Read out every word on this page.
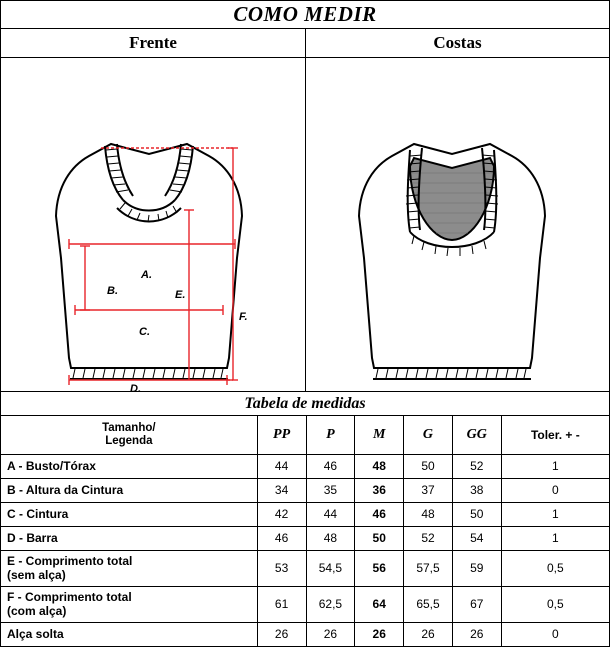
COMO MEDIR
Frente
A.
B.
C.
E.
F.
D.
Costas
Tabela de medidas
Tamanho/
Legenda	PP	P	M	G	GG	Toler. + -
A - Busto/Tórax	44	46	48	50	52	1
B - Altura da Cintura	34	35	36	37	38	0
C - Cintura	42	44	46	48	50	1
D - Barra	46	48	50	52	54	1
E - Comprimento total
(sem alça)	53	54,5	56	57,5	59	0,5
F - Comprimento total
(com alça)	61	62,5	64	65,5	67	0,5
Alça solta	26	26	26	26	26	0
